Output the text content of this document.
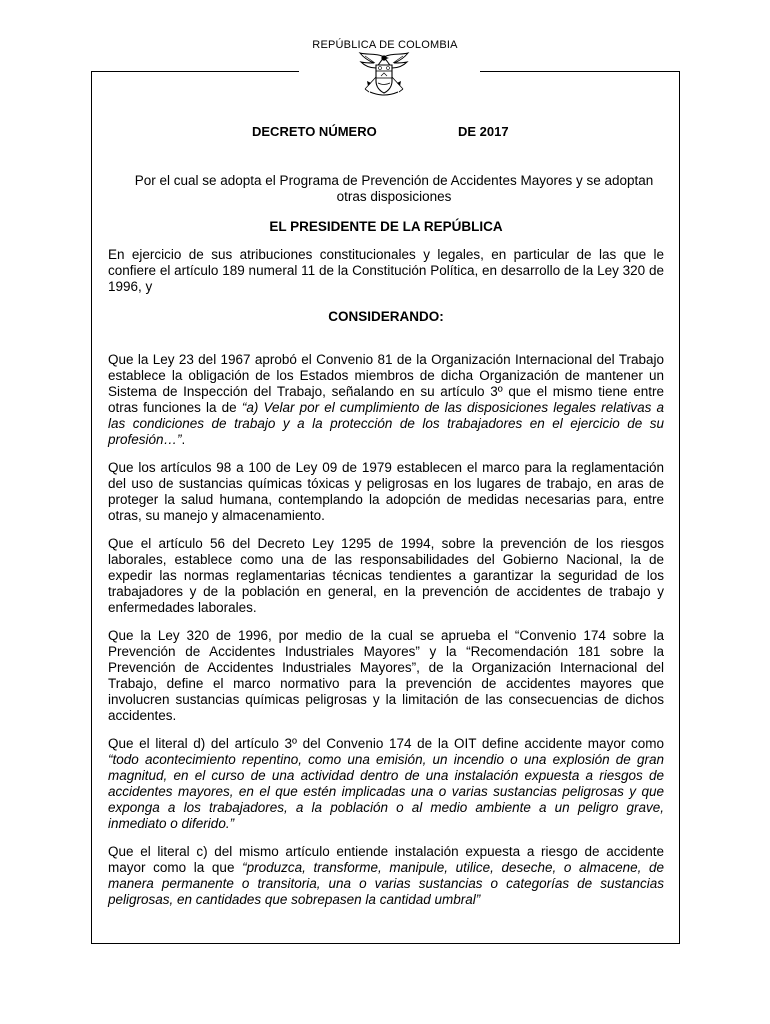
REPÚBLICA DE COLOMBIA
DECRETO NÚMERO	DE 2017
Por el cual se adopta el Programa de Prevención de Accidentes Mayores y se adoptan otras disposiciones
EL PRESIDENTE DE LA REPÚBLICA

En ejercicio de sus atribuciones constitucionales y legales, en particular de las que le confiere el artículo 189 numeral 11 de la Constitución Política, en desarrollo de la Ley 320 de 1996, y

CONSIDERANDO:

Que la Ley 23 del 1967 aprobó el Convenio 81 de la Organización Internacional del Trabajo establece la obligación de los Estados miembros de dicha Organización de mantener un Sistema de Inspección del Trabajo, señalando en su artículo 3º que el mismo tiene entre otras funciones la de “a) Velar por el cumplimiento de las disposiciones legales relativas a las condiciones de trabajo y a la protección de los trabajadores en el ejercicio de su profesión…”.

Que los artículos 98 a 100 de Ley 09 de 1979 establecen el marco para la reglamentación del uso de sustancias químicas tóxicas y peligrosas en los lugares de trabajo, en aras de proteger la salud humana, contemplando la adopción de medidas necesarias para, entre otras, su manejo y almacenamiento.

Que el artículo 56 del Decreto Ley 1295 de 1994, sobre la prevención de los riesgos laborales, establece como una de las responsabilidades del Gobierno Nacional, la de expedir las normas reglamentarias técnicas tendientes a garantizar la seguridad de los trabajadores y de la población en general, en la prevención de accidentes de trabajo y enfermedades laborales.

Que la Ley 320 de 1996, por medio de la cual se aprueba el “Convenio 174 sobre la Prevención de Accidentes Industriales Mayores” y la “Recomendación 181 sobre la Prevención de Accidentes Industriales Mayores”, de la Organización Internacional del Trabajo, define el marco normativo para la prevención de accidentes mayores que involucren sustancias químicas peligrosas y la limitación de las consecuencias de dichos accidentes.

Que el literal d) del artículo 3º del Convenio 174 de la OIT define accidente mayor como “todo acontecimiento repentino, como una emisión, un incendio o una explosión de gran magnitud, en el curso de una actividad dentro de una instalación expuesta a riesgos de accidentes mayores, en el que estén implicadas una o varias sustancias peligrosas y que exponga a los trabajadores, a la población o al medio ambiente a un peligro grave, inmediato o diferido.”

Que el literal c) del mismo artículo entiende instalación expuesta a riesgo de accidente mayor como la que “produzca, transforme, manipule, utilice, deseche, o almacene, de manera permanente o transitoria, una o varias sustancias o categorías de sustancias peligrosas, en cantidades que sobrepasen la cantidad umbral”
